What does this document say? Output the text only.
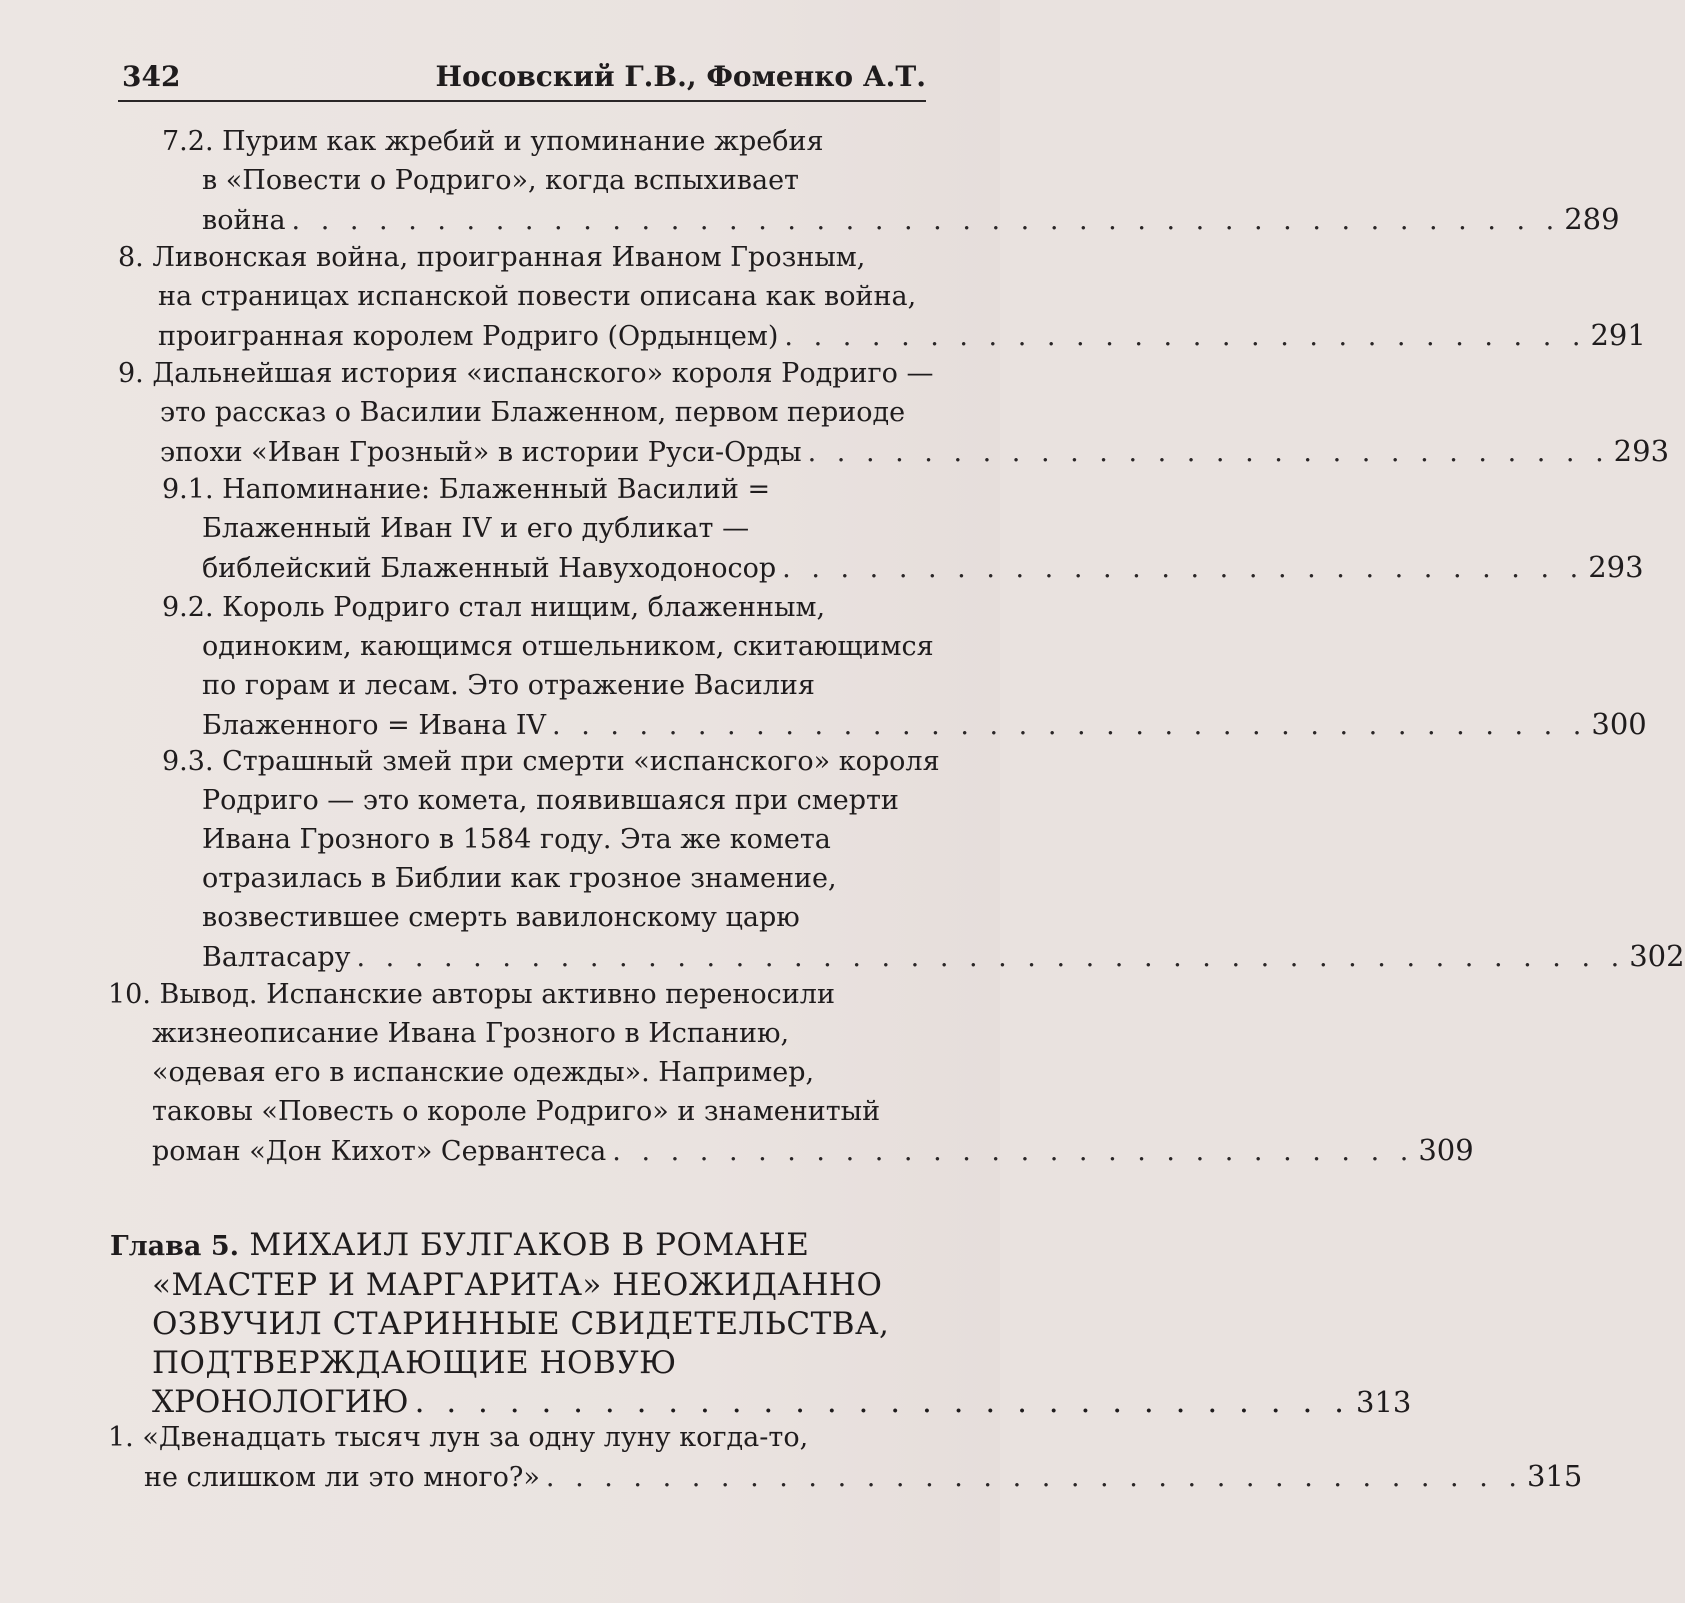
342	Носовский Г.В., Фоменко А.Т.
7.2. Пурим как жребий и упоминание жребия
в «Повести о Родриго», когда вспыхивает
война . . . . . . . . . . . . . . . . . . . . . . . . . . . . . . . . . . . . . . . . . . . . 289
8. Ливонская война, проигранная Иваном Грозным,
на страницах испанской повести описана как война,
проигранная королем Родриго (Ордынцем) . . . . . . . . . . . . . . . . . . . . . . . . . . . . 291
9. Дальнейшая история «испанского» короля Родриго —
это рассказ о Василии Блаженном, первом периоде
эпохи «Иван Грозный» в истории Руси-Орды . . . . . . . . . . . . . . . . . . . . . . . . . . . . 293
9.1. Напоминание: Блаженный Василий =
Блаженный Иван IV и его дубликат —
библейский Блаженный Навуходоносор . . . . . . . . . . . . . . . . . . . . . . . . . . . . 293
9.2. Король Родриго стал нищим, блаженным,
одиноким, кающимся отшельником, скитающимся
по горам и лесам. Это отражение Василия
Блаженного = Ивана IV . . . . . . . . . . . . . . . . . . . . . . . . . . . . . . . . . . . . 300
9.3. Страшный змей при смерти «испанского» короля
Родриго — это комета, появившаяся при смерти
Ивана Грозного в 1584 году. Эта же комета
отразилась в Библии как грозное знамение,
возвестившее смерть вавилонскому царю
Валтасару . . . . . . . . . . . . . . . . . . . . . . . . . . . . . . . . . . . . . . . . . . . . 302
10. Вывод. Испанские авторы активно переносили
жизнеописание Ивана Грозного в Испанию,
«одевая его в испанские одежды». Например,
таковы «Повесть о короле Родриго» и знаменитый
роман «Дон Кихот» Сервантеса . . . . . . . . . . . . . . . . . . . . . . . . . . . . 309
Глава 5. МИХАИЛ БУЛГАКОВ В РОМАНЕ
«МАСТЕР И МАРГАРИТА» НЕОЖИДАННО
ОЗВУЧИЛ СТАРИННЫЕ СВИДЕТЕЛЬСТВА,
ПОДТВЕРЖДАЮЩИЕ НОВУЮ
ХРОНОЛОГИЮ . . . . . . . . . . . . . . . . . . . . . . . . . . . . . . 313
1. «Двенадцать тысяч лун за одну луну когда-то,
не слишком ли это много?» . . . . . . . . . . . . . . . . . . . . . . . . . . . . . . . . . . 315
